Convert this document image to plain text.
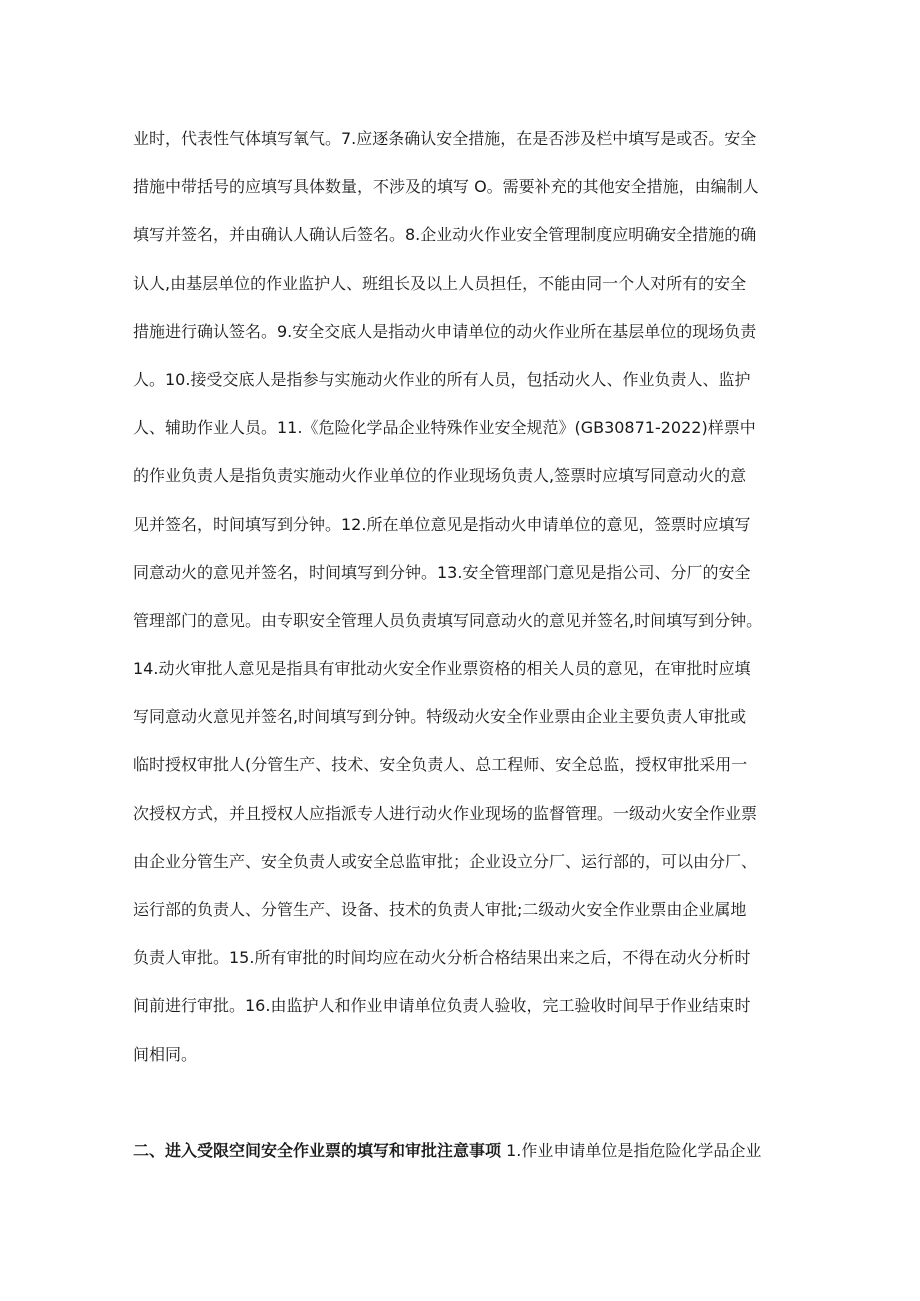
业时，代表性气体填写氧气。7.应逐条确认安全措施，在是否涉及栏中填写是或否。安全
措施中带括号的应填写具体数量，不涉及的填写 O。需要补充的其他安全措施，由编制人
填写并签名，并由确认人确认后签名。8.企业动火作业安全管理制度应明确安全措施的确
认人,由基层单位的作业监护人、班组长及以上人员担任，不能由同一个人对所有的安全
措施进行确认签名。9.安全交底人是指动火申请单位的动火作业所在基层单位的现场负责
人。10.接受交底人是指参与实施动火作业的所有人员，包括动火人、作业负责人、监护
人、辅助作业人员。11.《危险化学品企业特殊作业安全规范》(GB30871-2022)样票中
的作业负责人是指负责实施动火作业单位的作业现场负责人,签票时应填写同意动火的意
见并签名，时间填写到分钟。12.所在单位意见是指动火申请单位的意见，签票时应填写
同意动火的意见并签名，时间填写到分钟。13.安全管理部门意见是指公司、分厂的安全
管理部门的意见。由专职安全管理人员负责填写同意动火的意见并签名,时间填写到分钟。
14.动火审批人意见是指具有审批动火安全作业票资格的相关人员的意见，在审批时应填
写同意动火意见并签名,时间填写到分钟。特级动火安全作业票由企业主要负责人审批或
临时授权审批人(分管生产、技术、安全负责人、总工程师、安全总监，授权审批采用一
次授权方式，并且授权人应指派专人进行动火作业现场的监督管理。一级动火安全作业票
由企业分管生产、安全负责人或安全总监审批；企业设立分厂、运行部的，可以由分厂、
运行部的负责人、分管生产、设备、技术的负责人审批;二级动火安全作业票由企业属地
负责人审批。15.所有审批的时间均应在动火分析合格结果出来之后，不得在动火分析时
间前进行审批。16.由监护人和作业申请单位负责人验收，完工验收时间早于作业结束时
间相同。
二、进入受限空间安全作业票的填写和审批注意事项 1.作业申请单位是指危险化学品企业
